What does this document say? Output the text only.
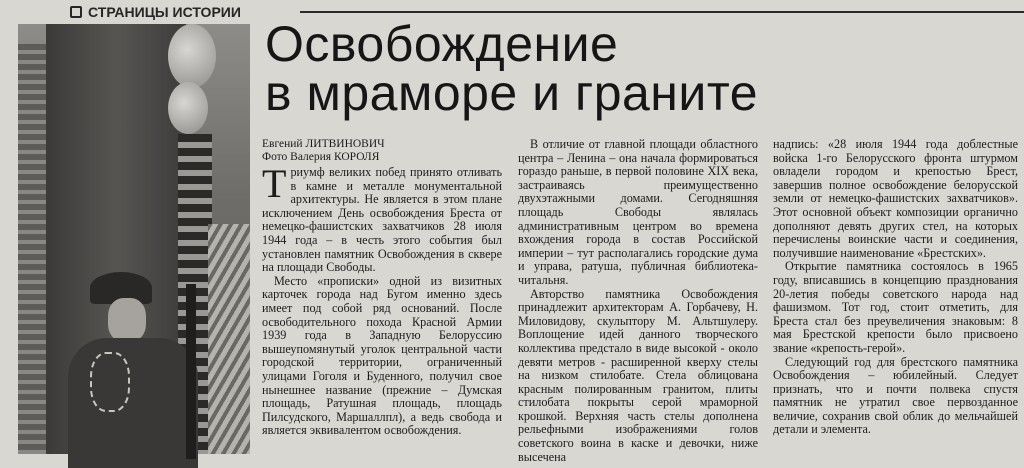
СТРАНИЦЫ ИСТОРИИ
Освобождение
в мраморе и граните
Евгений ЛИТВИНОВИЧ
Фото Валерия КОРОЛЯ

Триумф великих побед принято отливать в камне и металле монументальной архитектуры. Не является в этом плане исключением День освобождения Бреста от немецко-фашистских захватчиков 28 июля 1944 года – в честь этого события был установлен памятник Освобождения в сквере на площади Свободы.

Место «прописки» одной из визитных карточек города над Бугом именно здесь имеет под собой ряд оснований. После освободительного похода Красной Армии 1939 года в Западную Белоруссию вышеупомянутый уголок центральной части городской территории, ограниченный улицами Гоголя и Буденного, получил свое нынешнее название (прежние – Думская площадь, Ратушная площадь, площадь Пилсудского, Маршаллпл), а ведь свобода и является эквивалентом освобождения.

В отличие от главной площади областного центра – Ленина – она начала формироваться гораздо раньше, в первой половине XIX века, застраиваясь преимущественно двухэтажными домами. Сегодняшняя площадь Свободы являлась административным центром во времена вхождения города в состав Российской империи – тут располагались городские дума и управа, ратуша, публичная библиотека-читальня.

Авторство памятника Освобождения принадлежит архитекторам А. Горбачеву, Н. Миловидову, скульптору М. Альтшулеру. Воплощение идей данного творческого коллектива предстало в виде высокой - около девяти метров - расширенной кверху стелы на низком стилобате. Стела облицована красным полированным гранитом, плиты стилобата покрыты серой мраморной крошкой. Верхняя часть стелы дополнена рельефными изображениями голов советского воина в каске и девочки, ниже высечена

надпись: «28 июля 1944 года доблестные войска 1-го Белорусского фронта штурмом овладели городом и крепостью Брест, завершив полное освобождение белорусской земли от немецко-фашистских захватчиков». Этот основной объект композиции органично дополняют девять других стел, на которых перечислены воинские части и соединения, получившие наименование «Брестских».

Открытие памятника состоялось в 1965 году, вписавшись в концепцию празднования 20-летия победы советского народа над фашизмом. Тот год, стоит отметить, для Бреста стал без преувеличения знаковым: 8 мая Брестской крепости было присвоено звание «крепость-герой».

Следующий год для брестского памятника Освобождения – юбилейный. Следует признать, что и почти полвека спустя памятник не утратил свое первозданное величие, сохранив свой облик до мельчайшей детали и элемента.
